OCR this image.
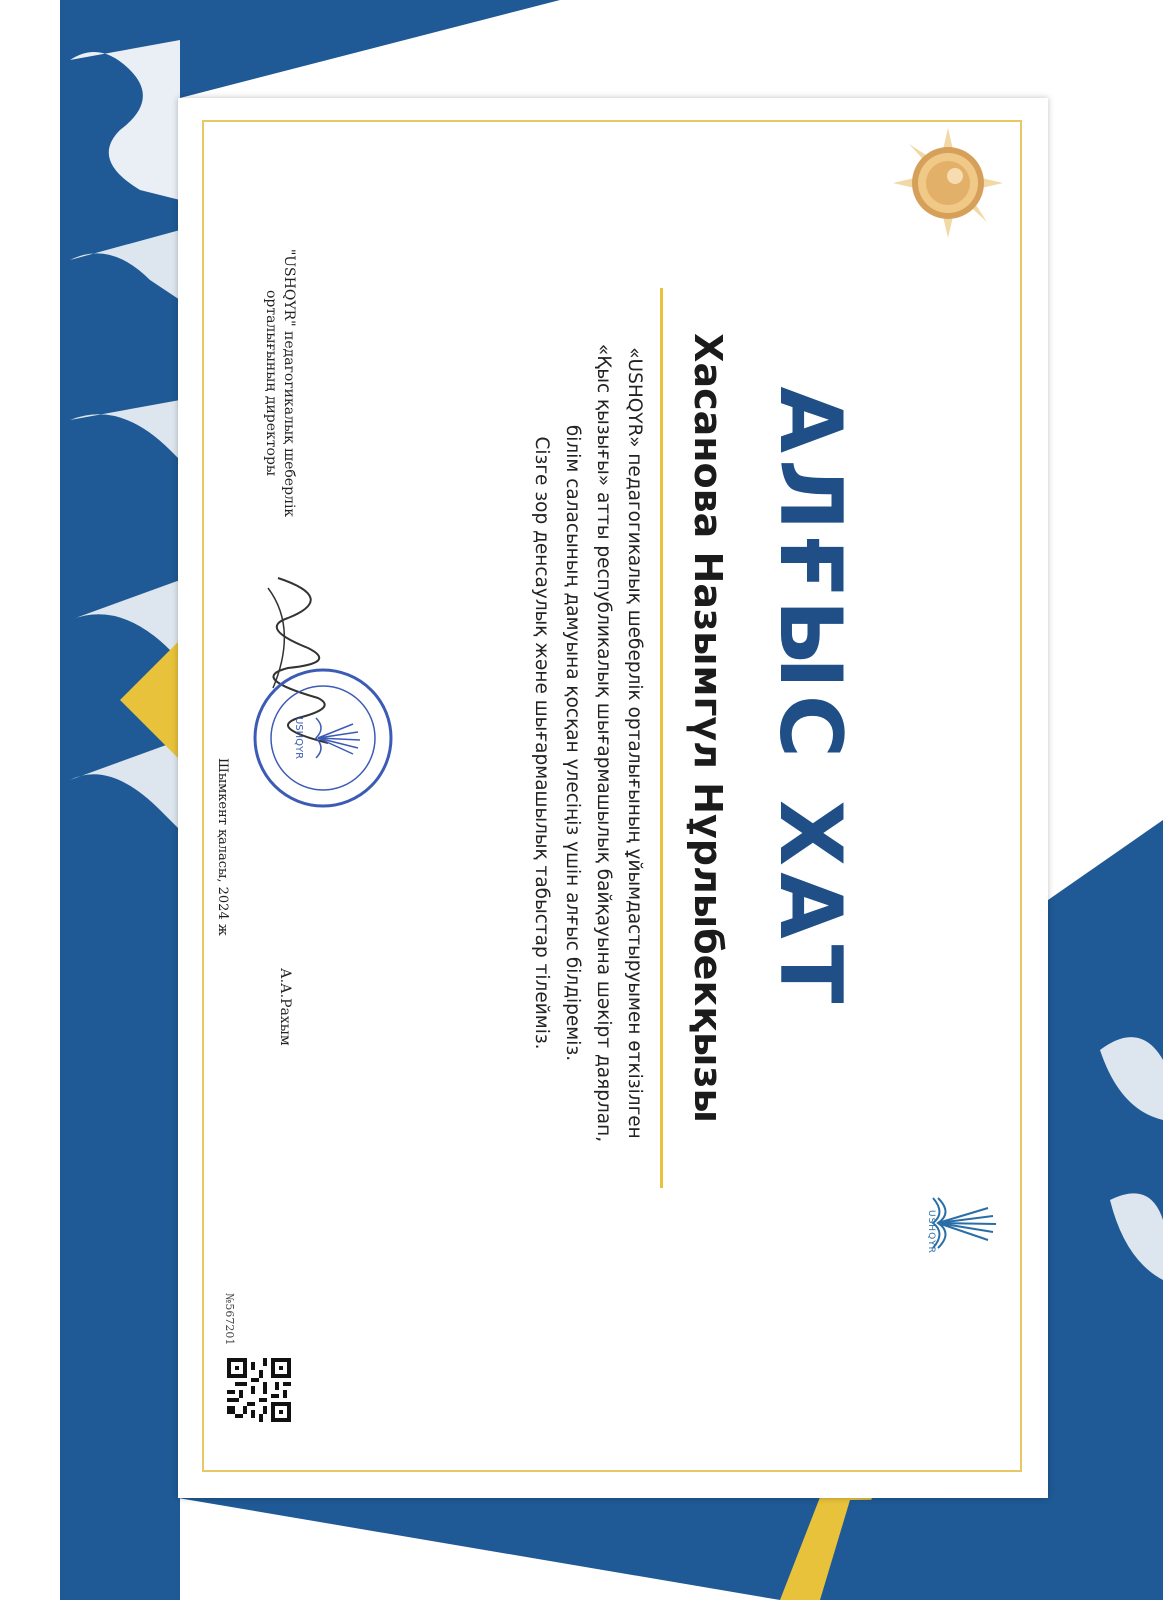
АЛҒЫС ХАТ
Хасанова Назымгүл Нұрлыбекқызы
«USHQYR» педагогикалық шеберлік орталығының ұйымдастыруымен өткізілген
«Қыс қызығы» атты республикалық шығармашылық байқауына шәкірт даярлап,
білім саласының дамуына қосқан үлесіңіз үшін алғыс білдіреміз.
Сізге зор денсаулық және шығармашылық табыстар тілейміз.
USHQYR
"USHQYR" педагогикалық шеберлік
орталығының директоры
USHQYR
А.А.Рахым
Шымкент қаласы, 2024 ж
№567201
